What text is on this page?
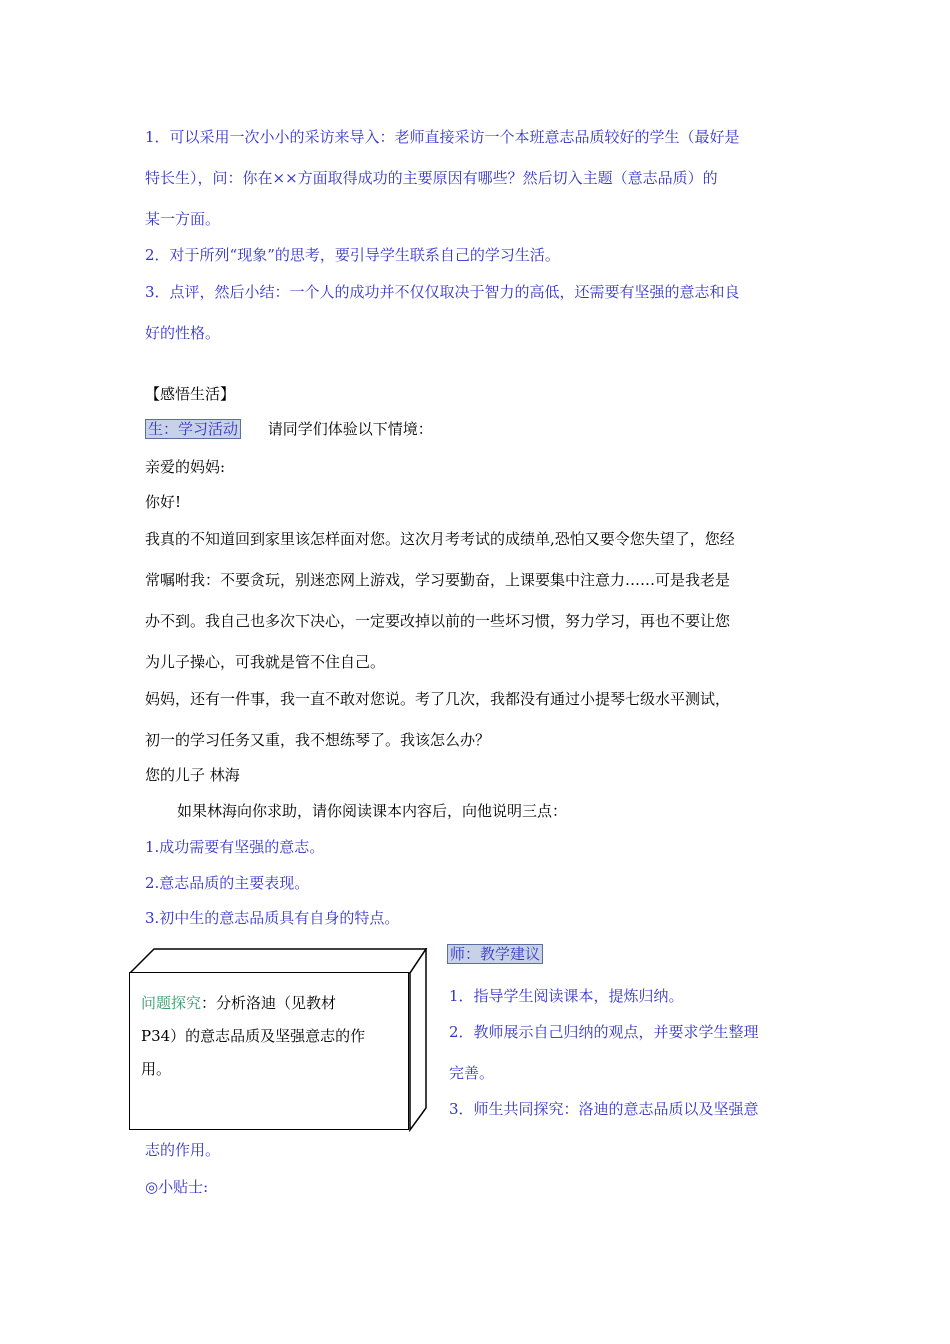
1．可以采用一次小小的采访来导入：老师直接采访一个本班意志品质较好的学生（最好是
特长生），问：你在××方面取得成功的主要原因有哪些？然后切入主题（意志品质）的
某一方面。
2．对于所列“现象”的思考，要引导学生联系自己的学习生活。
3．点评，然后小结：一个人的成功并不仅仅取决于智力的高低，还需要有坚强的意志和良
好的性格。
【感悟生活】
生：学习活动 请同学们体验以下情境：
亲爱的妈妈:
你好!
我真的不知道回到家里该怎样面对您。这次月考考试的成绩单,恐怕又要令您失望了，您经
常嘱咐我：不要贪玩，别迷恋网上游戏，学习要勤奋，上课要集中注意力……可是我老是
办不到。我自己也多次下决心，一定要改掉以前的一些坏习惯，努力学习，再也不要让您
为儿子操心，可我就是管不住自己。
妈妈，还有一件事，我一直不敢对您说。考了几次，我都没有通过小提琴七级水平测试，
初一的学习任务又重，我不想练琴了。我该怎么办？
您的儿子 林海
如果林海向你求助，请你阅读课本内容后，向他说明三点：
1.成功需要有坚强的意志。
2.意志品质的主要表现。
3.初中生的意志品质具有自身的特点。
问题探究：分析洛迪（见教材
P34）的意志品质及坚强意志的作
用。
师：教学建议
1．指导学生阅读课本，提炼归纳。
2．教师展示自己归纳的观点，并要求学生整理
完善。
3．师生共同探究：洛迪的意志品质以及坚强意
志的作用。
◎小贴士:
